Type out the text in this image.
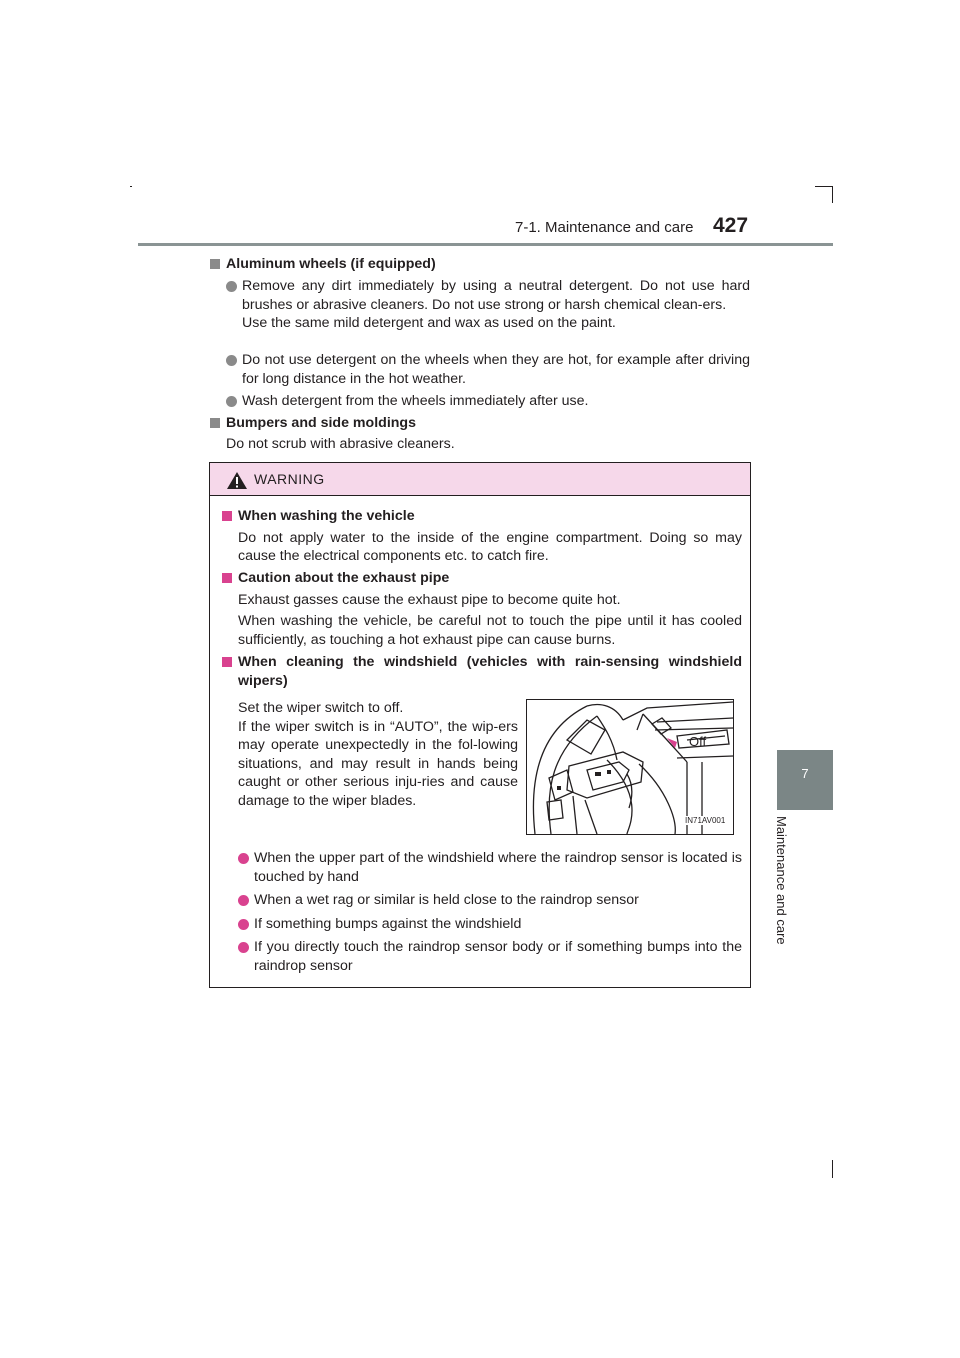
7-1. Maintenance and care 427
7
Maintenance and care
Aluminum wheels (if equipped)
Remove any dirt immediately by using a neutral detergent. Do not use hard brushes or abrasive cleaners. Do not use strong or harsh chemical clean-ers.
Use the same mild detergent and wax as used on the paint.
Do not use detergent on the wheels when they are hot, for example after driving for long distance in the hot weather.
Wash detergent from the wheels immediately after use.
Bumpers and side moldings
Do not scrub with abrasive cleaners.
WARNING
When washing the vehicle
Do not apply water to the inside of the engine compartment. Doing so may cause the electrical components etc. to catch fire.
Caution about the exhaust pipe
Exhaust gasses cause the exhaust pipe to become quite hot.
When washing the vehicle, be careful not to touch the pipe until it has cooled sufficiently, as touching a hot exhaust pipe can cause burns.
When cleaning the windshield (vehicles with rain-sensing windshield wipers)
Set the wiper switch to off.
If the wiper switch is in “AUTO”, the wip-ers may operate unexpectedly in the fol-lowing situations, and may result in hands being caught or other serious inju-ries and cause damage to the wiper blades.
Off
IN71AV001
When the upper part of the windshield where the raindrop sensor is located is touched by hand
When a wet rag or similar is held close to the raindrop sensor
If something bumps against the windshield
If you directly touch the raindrop sensor body or if something bumps into the raindrop sensor
